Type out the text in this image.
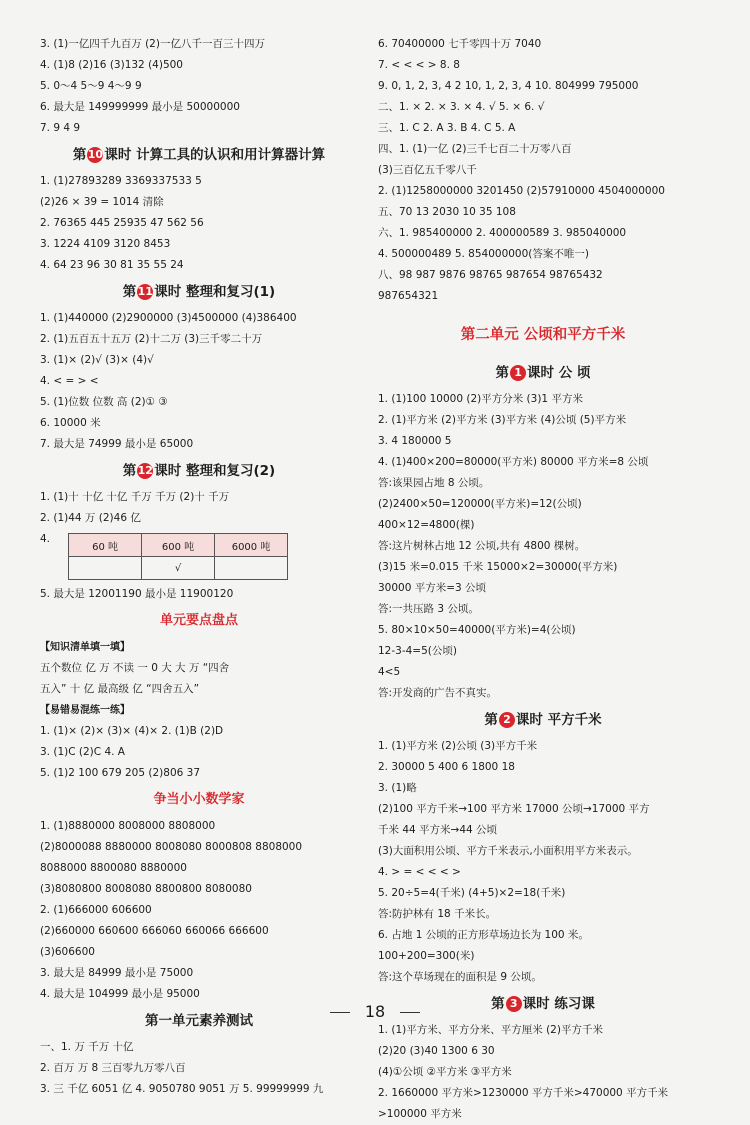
3. (1)一亿四千九百万 (2)一亿八千一百三十四万
4. (1)8 (2)16 (3)132 (4)500
5. 0～4 5～9 4～9 9
6. 最大是 149999999 最小是 50000000
7. 9 4 9
第10课时 计算工具的认识和用计算器计算
1. (1)27893289 3369337533 5
(2)26 × 39 = 1014 清除
2. 76365 445 25935 47 562 56
3. 1224 4109 3120 8453
4. 64 23 96 30 81 35 55 24
第11课时 整理和复习(1)
1. (1)440000 (2)2900000 (3)4500000 (4)386400
2. (1)五百五十五万 (2)十二万 (3)三千零二十万
3. (1)× (2)√ (3)× (4)√
4. < = > <
5. (1)位数 位数 高 (2)① ③
6. 10000 米
7. 最大是 74999 最小是 65000
第12课时 整理和复习(2)
1. (1)十 十亿 十亿 千万 千万 (2)十 千万
2. (1)44 万 (2)46 亿
4.
60 吨	600 吨	6000 吨
	√	
5. 最大是 12001190 最小是 11900120
单元要点盘点
【知识清单填一填】
五个数位 亿 万 不读 一 0 大 大 万 “四舍
五入” 十 亿 最高级 亿 “四舍五入”
【易错易混练一练】
1. (1)× (2)× (3)× (4)× 2. (1)B (2)D
3. (1)C (2)C 4. A
5. (1)2 100 679 205 (2)806 37
争当小小数学家
1. (1)8880000 8008000 8808000
(2)8000088 8880000 8008080 8000808 8808000
8088000 8800080 8880000
(3)8080800 8008080 8800800 8080080
2. (1)666000 606600
(2)660000 660600 666060 660066 666600
(3)606600
3. 最大是 84999 最小是 75000
4. 最大是 104999 最小是 95000
第一单元素养测试
一、1. 万 千万 十亿
2. 百万 万 8 三百零九万零八百
3. 三 千亿 6051 亿 4. 9050780 9051 万 5. 99999999 九
6. 70400000 七千零四十万 7040
7. < < < > 8. 8
9. 0, 1, 2, 3, 4 2 10, 1, 2, 3, 4 10. 804999 795000
二、1. × 2. × 3. × 4. √ 5. × 6. √
三、1. C 2. A 3. B 4. C 5. A
四、1. (1)一亿 (2)三千七百二十万零八百
(3)三百亿五千零八千
2. (1)1258000000 3201450 (2)57910000 4504000000
五、70 13 2030 10 35 108
六、1. 985400000 2. 400000589 3. 985040000
4. 500000489 5. 854000000(答案不唯一)
八、98 987 9876 98765 987654 98765432
987654321
第二单元 公顷和平方千米
第 1 课时 公 顷
1. (1)100 10000 (2)平方分米 (3)1 平方米
2. (1)平方米 (2)平方米 (3)平方米 (4)公顷 (5)平方米
3. 4 180000 5
4. (1)400×200=80000(平方米) 80000 平方米=8 公顷
答:该果园占地 8 公顷。
(2)2400×50=120000(平方米)=12(公顷)
400×12=4800(棵)
答:这片树林占地 12 公顷,共有 4800 棵树。
(3)15 米=0.015 千米 15000×2=30000(平方米)
30000 平方米=3 公顷
答:一共压路 3 公顷。
5. 80×10×50=40000(平方米)=4(公顷)
12-3-4=5(公顷)
4<5
答:开发商的广告不真实。
第 2 课时 平方千米
1. (1)平方米 (2)公顷 (3)平方千米
2. 30000 5 400 6 1800 18
3. (1)略
(2)100 平方千米→100 平方米 17000 公顷→17000 平方
千米 44 平方米→44 公顷
(3)大面积用公顷、平方千米表示,小面积用平方米表示。
4. > = < < < >
5. 20÷5=4(千米) (4+5)×2=18(千米)
答:防护林有 18 千米长。
6. 占地 1 公顷的正方形草场边长为 100 米。
100+200=300(米)
答:这个草场现在的面积是 9 公顷。
第 3 课时 练习课
1. (1)平方米、平方分米、平方厘米 (2)平方千米
(2)20 (3)40 1300 6 30
(4)①公顷 ②平方米 ③平方米
2. 1660000 平方米>1230000 平方千米>470000 平方千米
>100000 平方米
18
